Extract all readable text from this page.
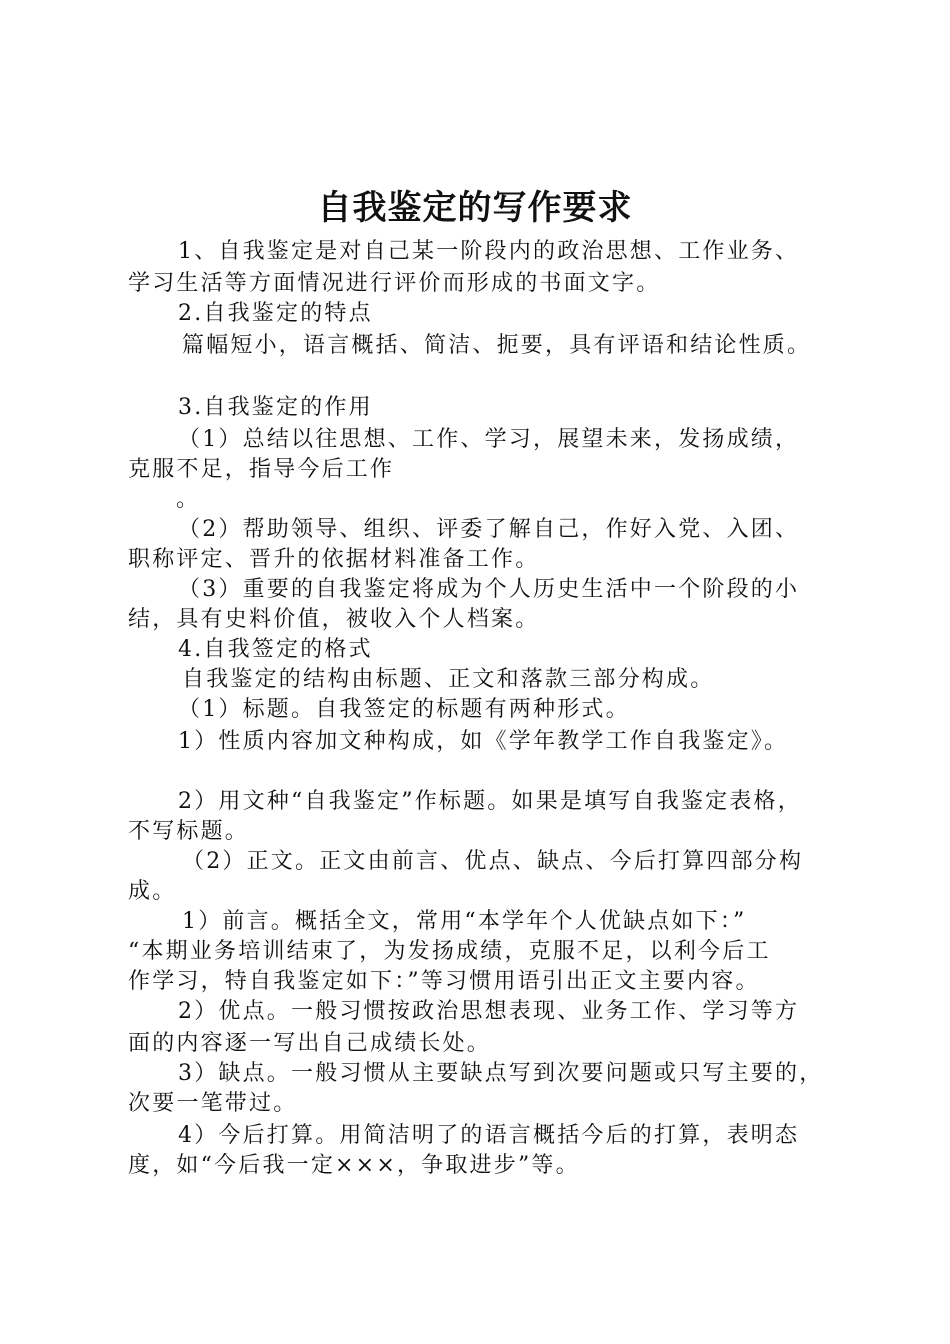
自我鉴定的写作要求
1、自我鉴定是对自己某一阶段内的政治思想、工作业务、
学习生活等方面情况进行评价而形成的书面文字。
2.自我鉴定的特点
篇幅短小，语言概括、简洁、扼要，具有评语和结论性质。
3.自我鉴定的作用
（1）总结以往思想、工作、学习，展望未来，发扬成绩，
克服不足，指导今后工作
。
（2）帮助领导、组织、评委了解自己，作好入党、入团、
职称评定、晋升的依据材料准备工作。
（3）重要的自我鉴定将成为个人历史生活中一个阶段的小
结，具有史料价值，被收入个人档案。
4.自我签定的格式
自我鉴定的结构由标题、正文和落款三部分构成。
（1）标题。自我签定的标题有两种形式。
1）性质内容加文种构成，如《学年教学工作自我鉴定》。
2）用文种“自我鉴定”作标题。如果是填写自我鉴定表格，
不写标题。
（2）正文。正文由前言、优点、缺点、今后打算四部分构
成。
1）前言。概括全文，常用“本学年个人优缺点如下：”
“本期业务培训结束了，为发扬成绩，克服不足，以利今后工
作学习，特自我鉴定如下：”等习惯用语引出正文主要内容。
2）优点。一般习惯按政治思想表现、业务工作、学习等方
面的内容逐一写出自己成绩长处。
3）缺点。一般习惯从主要缺点写到次要问题或只写主要的，
次要一笔带过。
4）今后打算。用简洁明了的语言概括今后的打算，表明态
度，如“今后我一定×××，争取进步”等。
